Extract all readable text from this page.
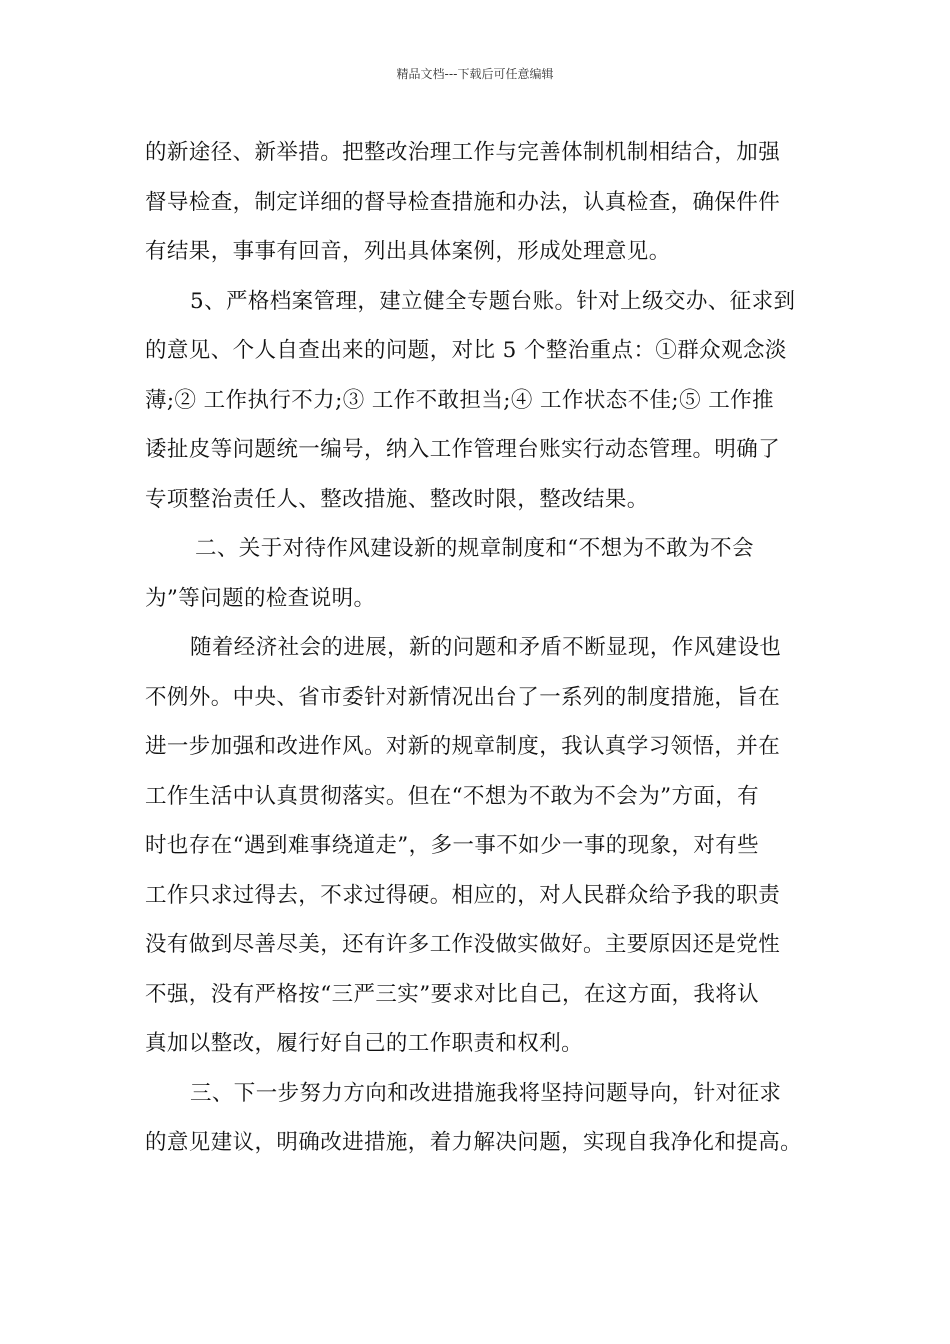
精品文档---下载后可任意编辑
的新途径、新举措。把整改治理工作与完善体制机制相结合，加强
督导检查，制定详细的督导检查措施和办法，认真检查，确保件件
有结果，事事有回音，列出具体案例，形成处理意见。
5、严格档案管理，建立健全专题台账。针对上级交办、征求到
的意见、个人自查出来的问题，对比 5 个整治重点：①群众观念淡
薄;② 工作执行不力;③ 工作不敢担当;④ 工作状态不佳;⑤ 工作推
诿扯皮等问题统一编号，纳入工作管理台账实行动态管理。明确了
专项整治责任人、整改措施、整改时限，整改结果。
二、关于对待作风建设新的规章制度和“不想为不敢为不会
为”等问题的检查说明。
随着经济社会的进展，新的问题和矛盾不断显现，作风建设也
不例外。中央、省市委针对新情况出台了一系列的制度措施，旨在
进一步加强和改进作风。对新的规章制度，我认真学习领悟，并在
工作生活中认真贯彻落实。但在“不想为不敢为不会为”方面，有
时也存在“遇到难事绕道走”，多一事不如少一事的现象，对有些
工作只求过得去，不求过得硬。相应的，对人民群众给予我的职责
没有做到尽善尽美，还有许多工作没做实做好。主要原因还是党性
不强，没有严格按“三严三实”要求对比自己，在这方面，我将认
真加以整改，履行好自己的工作职责和权利。
三、下一步努力方向和改进措施我将坚持问题导向，针对征求
的意见建议，明确改进措施，着力解决问题，实现自我净化和提高。
